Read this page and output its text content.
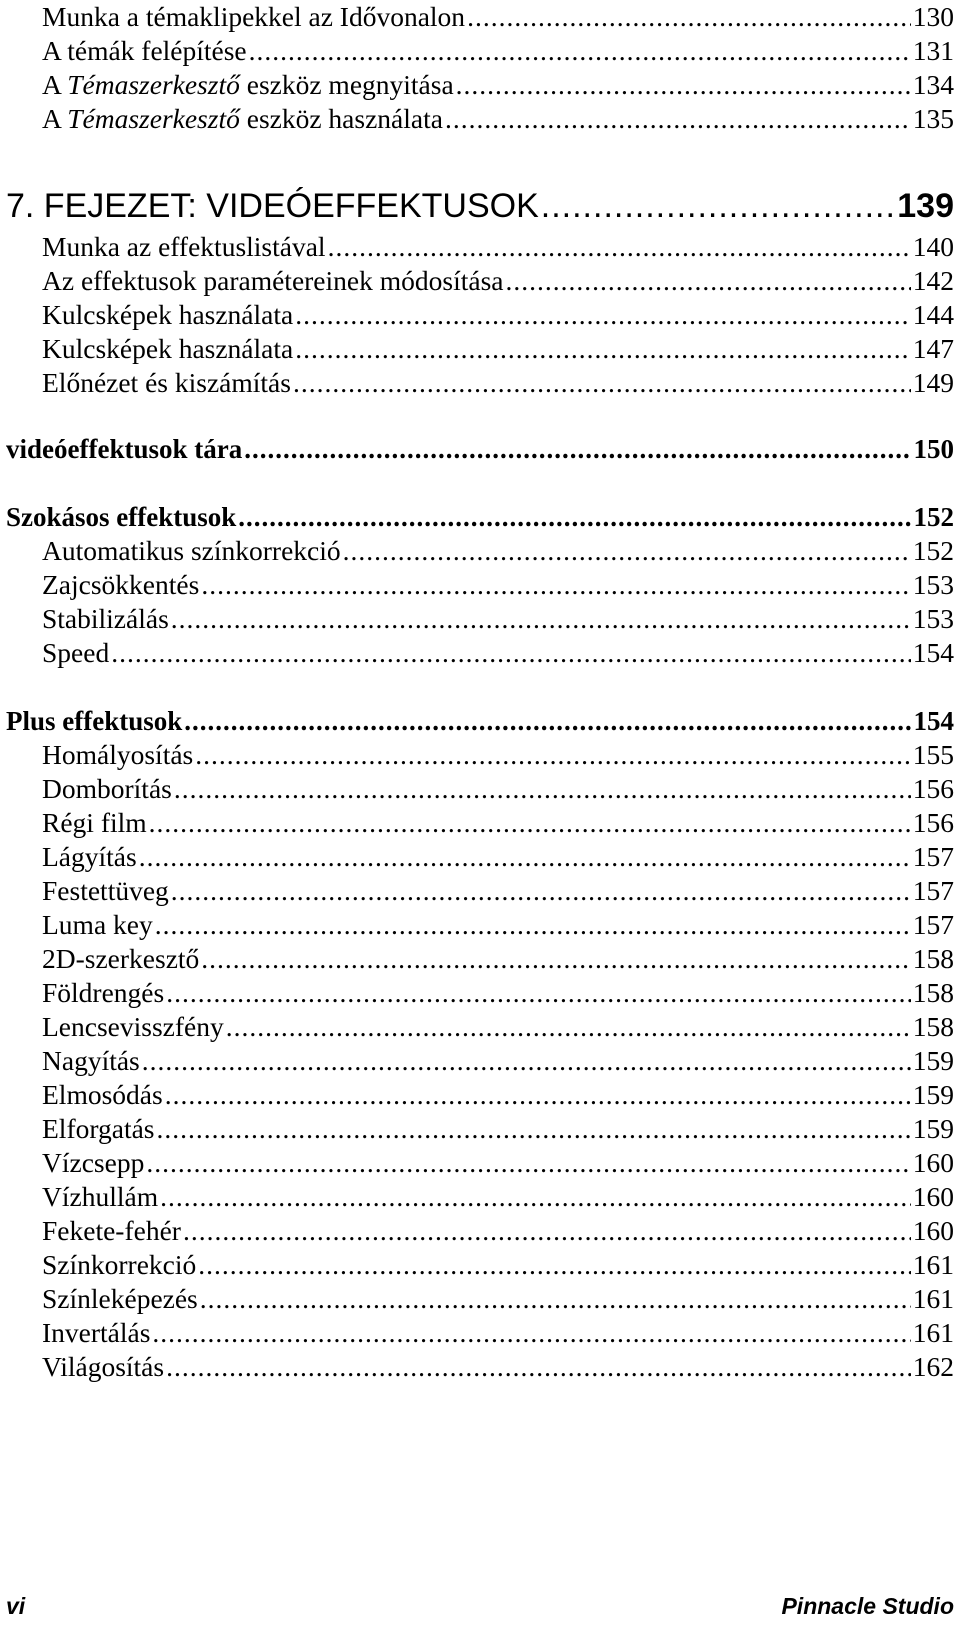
Munka a témaklipekkel az Idővonalon .....	130
A témák felépítése .....	131
A Témaszerkesztő eszköz megnyitása .....	134
A Témaszerkesztő eszköz használata .....	135
7. FEJEZET: VIDEÓEFFEKTUSOK .....	139
Munka az effektuslistával .....	140
Az effektusok paramétereinek módosítása .....	142
Kulcsképek használata .....	144
Kulcsképek használata .....	147
Előnézet és kiszámítás .....	149
videóeffektusok tára .....	150
Szokásos effektusok .....	152
Automatikus színkorrekció .....	152
Zajcsökkentés .....	153
Stabilizálás .....	153
Speed .....	154
Plus effektusok .....	154
Homályosítás .....	155
Domborítás .....	156
Régi film .....	156
Lágyítás .....	157
Festettüveg .....	157
Luma key .....	157
2D-szerkesztő .....	158
Földrengés .....	158
Lencsevisszfény .....	158
Nagyítás .....	159
Elmosódás .....	159
Elforgatás .....	159
Vízcsepp .....	160
Vízhullám .....	160
Fekete-fehér .....	160
Színkorrekció .....	161
Színleképezés .....	161
Invertálás .....	161
Világosítás .....	162
vi	Pinnacle Studio
